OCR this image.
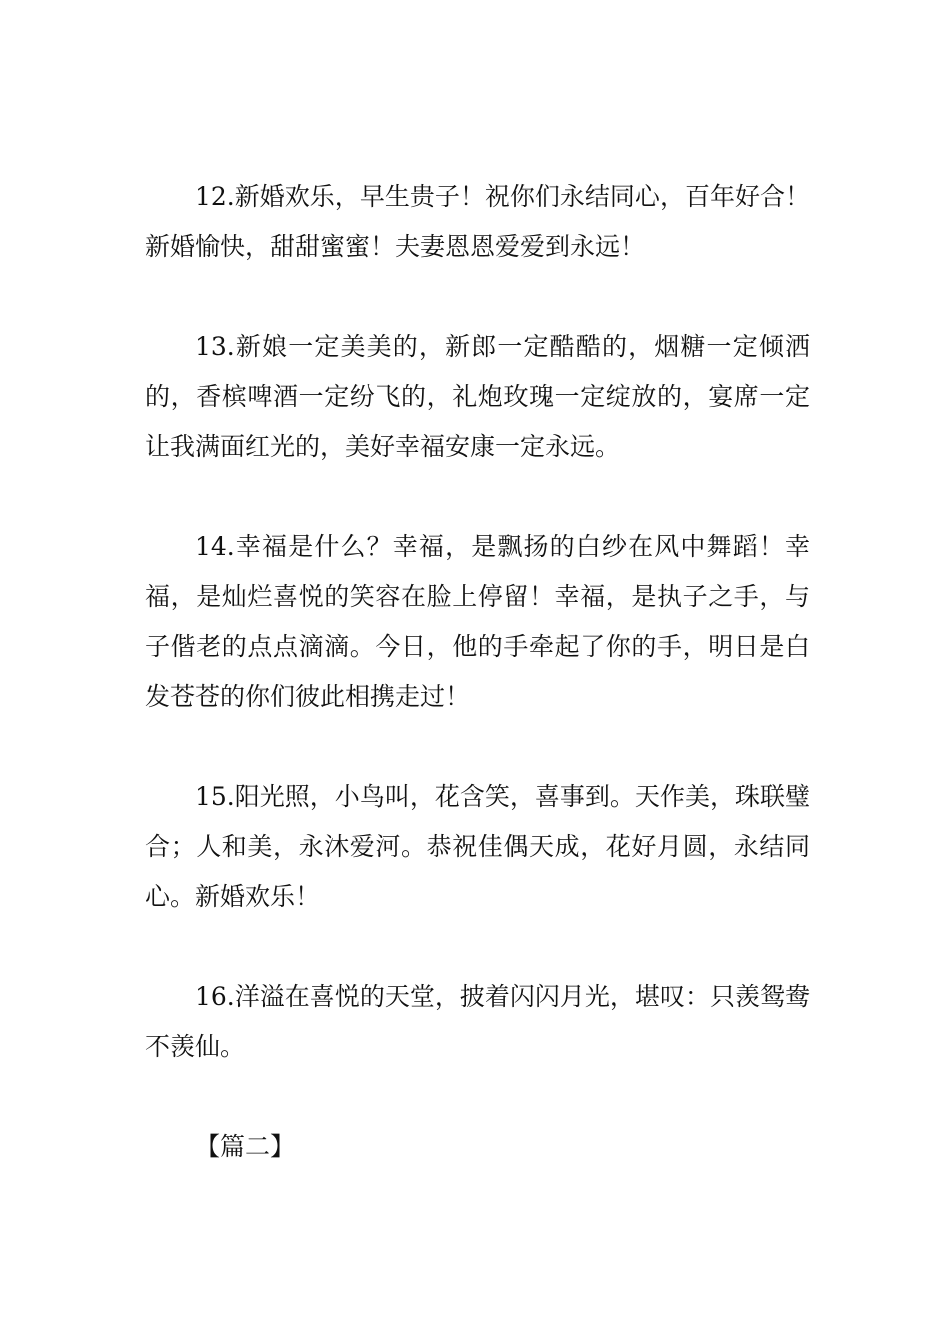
12.新婚欢乐，早生贵子！祝你们永结同心，百年好合！新婚愉快，甜甜蜜蜜！夫妻恩恩爱爱到永远！

13.新娘一定美美的，新郎一定酷酷的，烟糖一定倾洒的，香槟啤酒一定纷飞的，礼炮玫瑰一定绽放的，宴席一定让我满面红光的，美好幸福安康一定永远。

14.幸福是什么？幸福，是飘扬的白纱在风中舞蹈！幸福，是灿烂喜悦的笑容在脸上停留！幸福，是执子之手，与子偕老的点点滴滴。今日，他的手牵起了你的手，明日是白发苍苍的你们彼此相携走过！

15.阳光照，小鸟叫，花含笑，喜事到。天作美，珠联璧合；人和美，永沐爱河。恭祝佳偶天成，花好月圆，永结同心。新婚欢乐！

16.洋溢在喜悦的天堂，披着闪闪月光，堪叹：只羡鸳鸯不羡仙。

【篇二】
